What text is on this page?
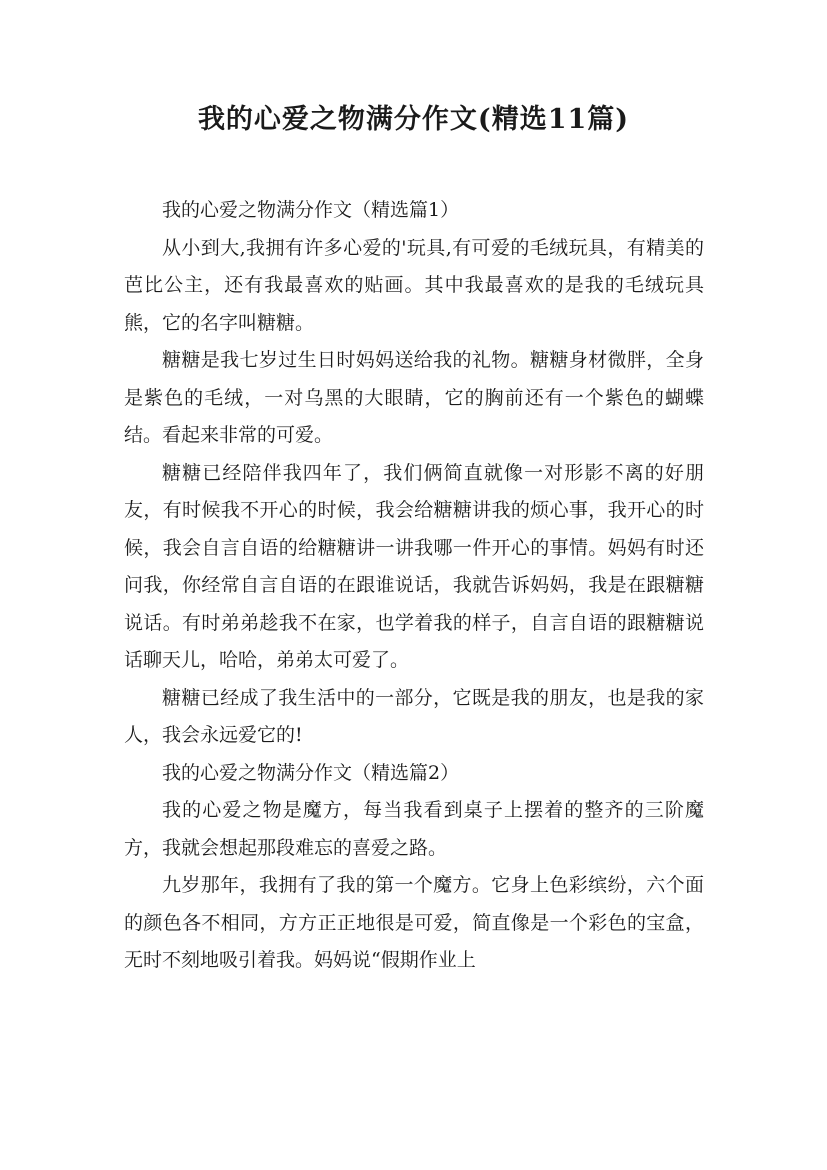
我的心爱之物满分作文(精选11篇)

我的心爱之物满分作文（精选篇1）

从小到大,我拥有许多心爱的'玩具,有可爱的毛绒玩具，有精美的芭比公主，还有我最喜欢的贴画。其中我最喜欢的是我的毛绒玩具熊，它的名字叫糖糖。

糖糖是我七岁过生日时妈妈送给我的礼物。糖糖身材微胖，全身是紫色的毛绒，一对乌黑的大眼睛，它的胸前还有一个紫色的蝴蝶结。看起来非常的可爱。

糖糖已经陪伴我四年了，我们俩简直就像一对形影不离的好朋友，有时候我不开心的时候，我会给糖糖讲我的烦心事，我开心的时候，我会自言自语的给糖糖讲一讲我哪一件开心的事情。妈妈有时还问我，你经常自言自语的在跟谁说话，我就告诉妈妈，我是在跟糖糖说话。有时弟弟趁我不在家，也学着我的样子，自言自语的跟糖糖说话聊天儿，哈哈，弟弟太可爱了。

糖糖已经成了我生活中的一部分，它既是我的朋友，也是我的家人，我会永远爱它的!

我的心爱之物满分作文（精选篇2）

我的心爱之物是魔方，每当我看到桌子上摆着的整齐的三阶魔方，我就会想起那段难忘的喜爱之路。

九岁那年，我拥有了我的第一个魔方。它身上色彩缤纷，六个面的颜色各不相同，方方正正地很是可爱，简直像是一个彩色的宝盒，无时不刻地吸引着我。妈妈说“假期作业上
